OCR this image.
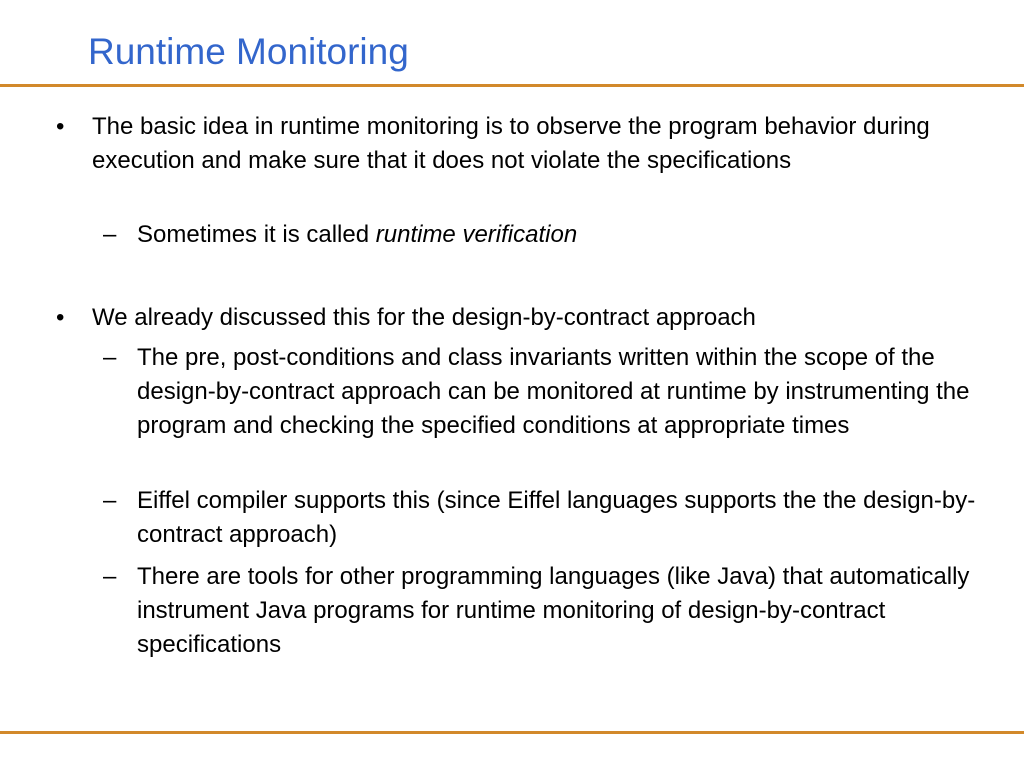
Runtime Monitoring
• The basic idea in runtime monitoring is to observe the program behavior during execution and make sure that it does not violate the specifications
– Sometimes it is called runtime verification
• We already discussed this for the design-by-contract approach
– The pre, post-conditions and class invariants written within the scope of the design-by-contract approach can be monitored at runtime by instrumenting the program and checking the specified conditions at appropriate times
– Eiffel compiler supports this (since Eiffel languages supports the the design-by-contract approach)
– There are tools for other programming languages (like Java) that automatically instrument Java programs for runtime monitoring of design-by-contract specifications
